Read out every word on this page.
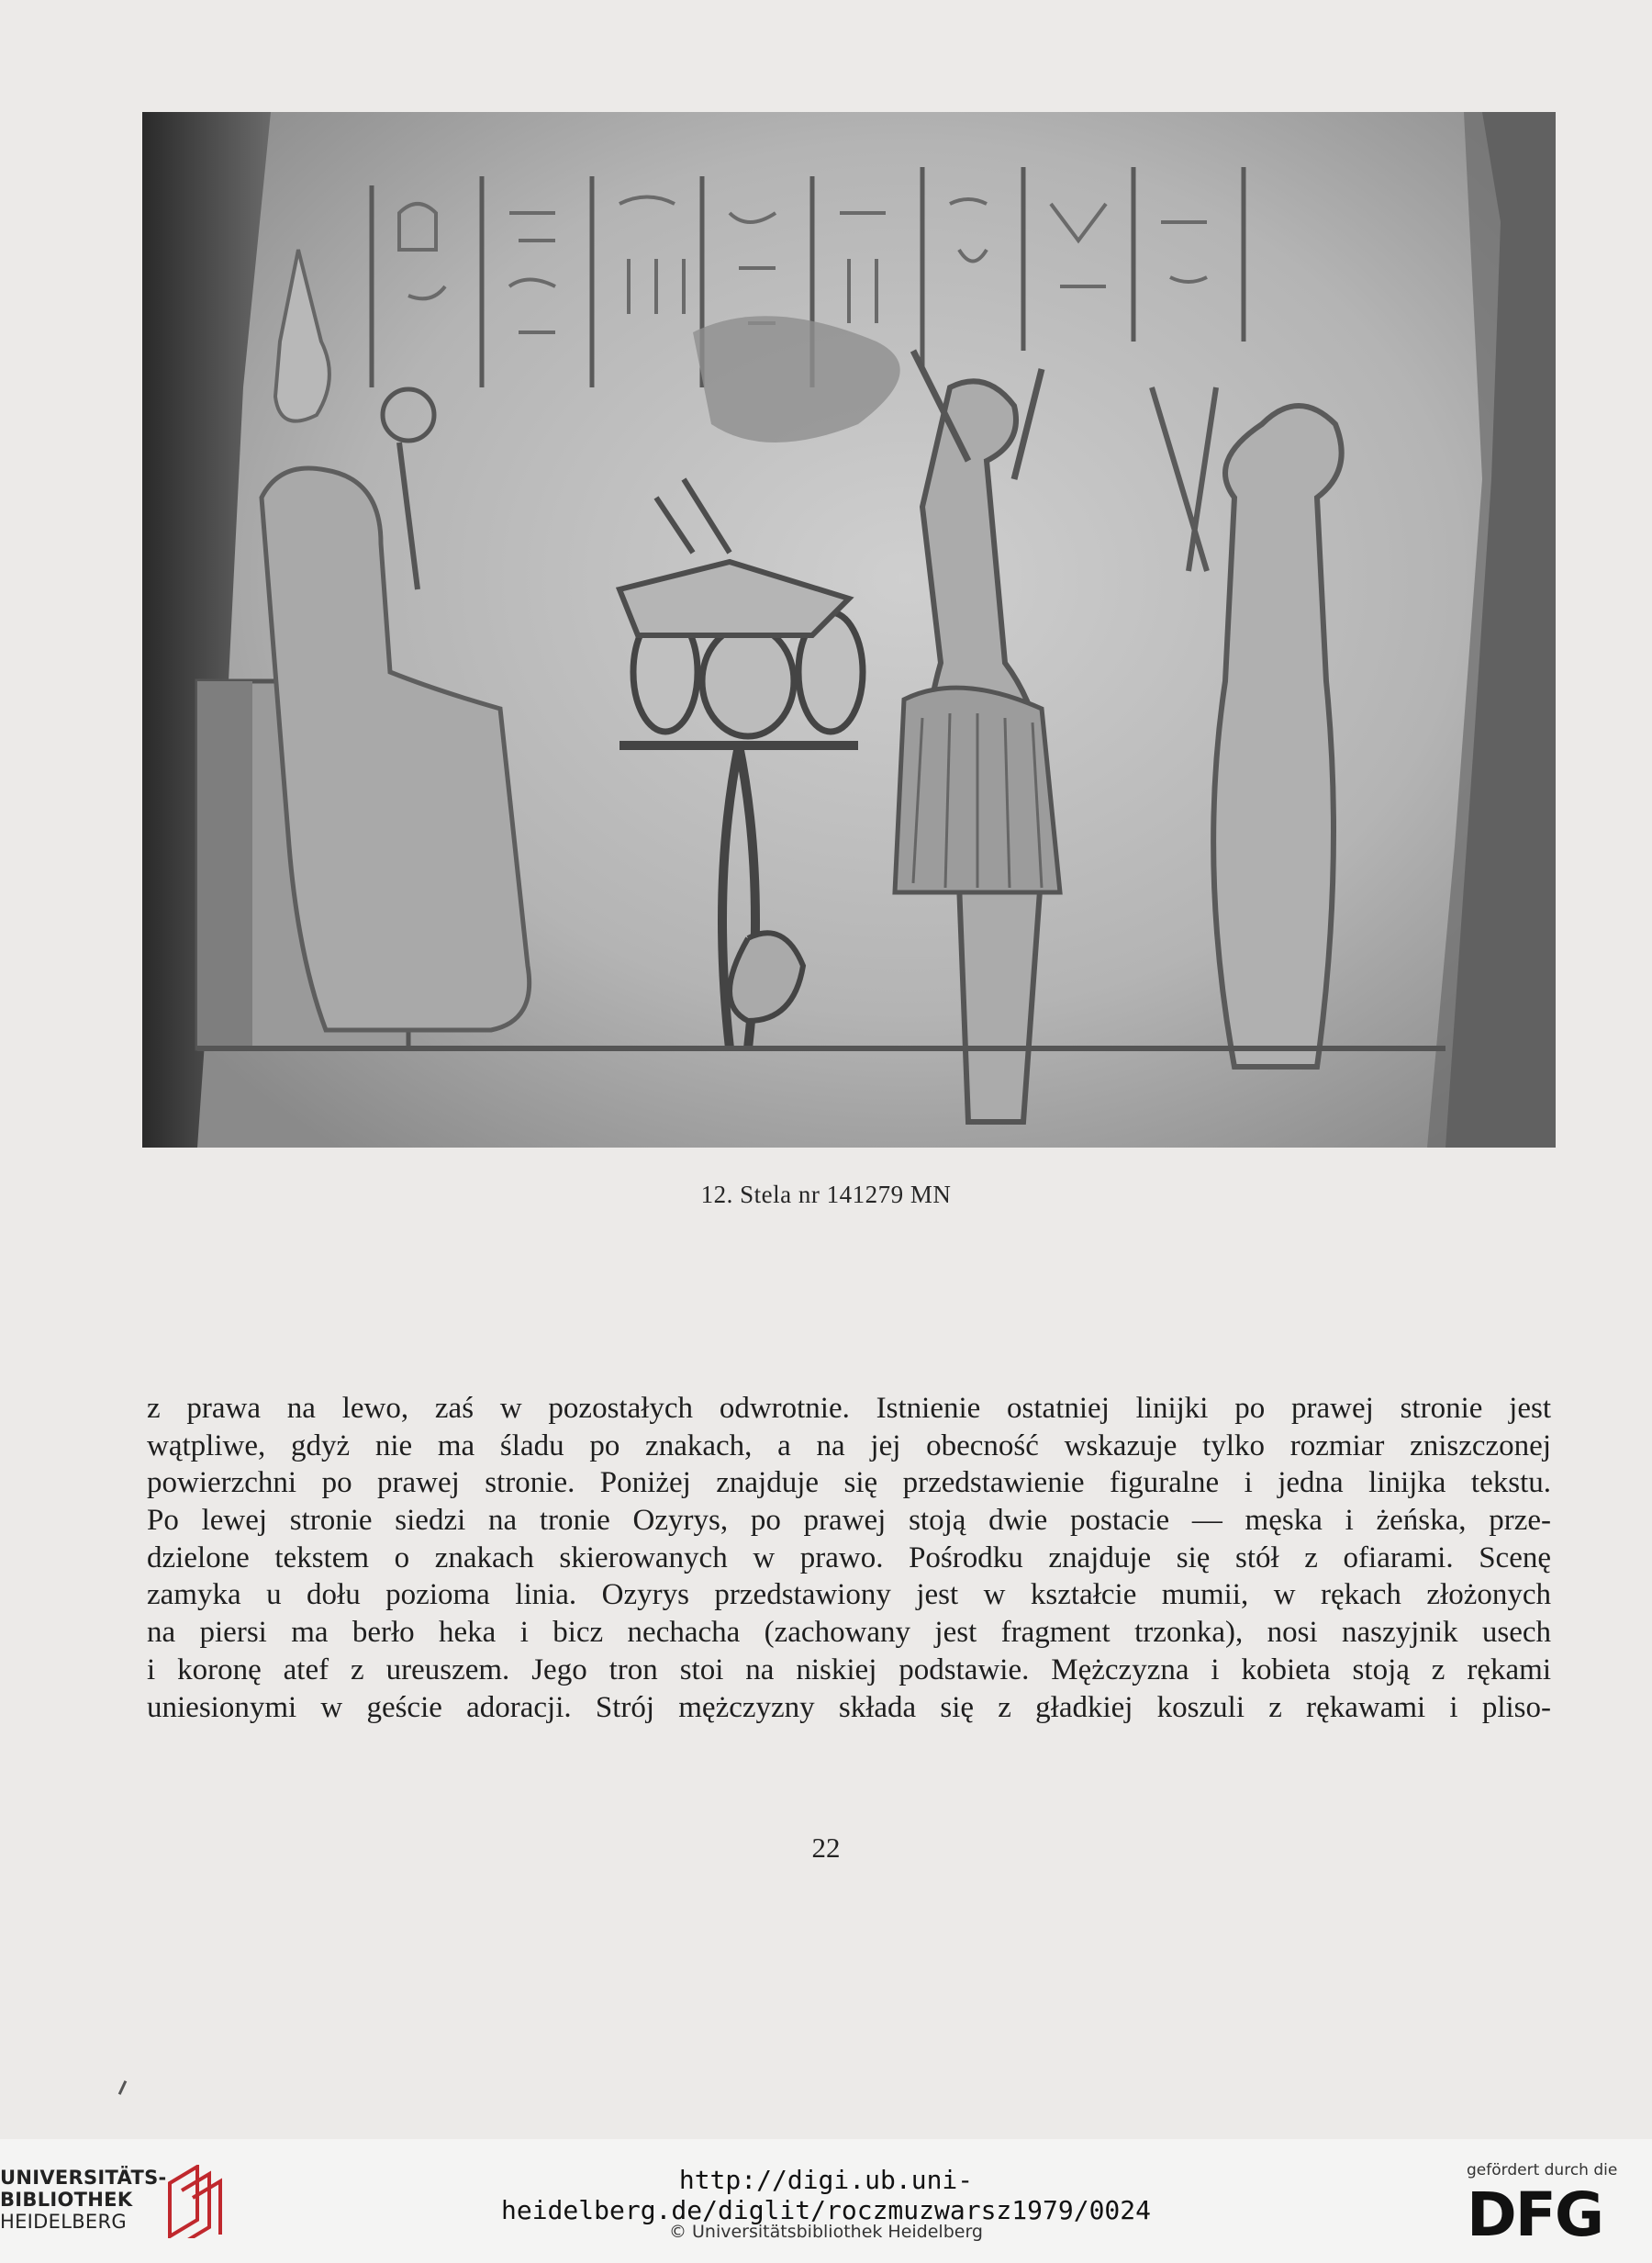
12. Stela nr 141279 MN
z prawa na lewo, zaś w pozostałych odwrotnie. Istnienie ostatniej linijki po prawej stronie jest
wątpliwe, gdyż nie ma śladu po znakach, a na jej obecność wskazuje tylko rozmiar zniszczonej
powierzchni po prawej stronie. Poniżej znajduje się przedstawienie figuralne i jedna linijka tekstu.
Po lewej stronie siedzi na tronie Ozyrys, po prawej stoją dwie postacie — męska i żeńska, prze-
dzielone tekstem o znakach skierowanych w prawo. Pośrodku znajduje się stół z ofiarami. Scenę
zamyka u dołu pozioma linia. Ozyrys przedstawiony jest w kształcie mumii, w rękach złożonych
na piersi ma berło heka i bicz nechacha (zachowany jest fragment trzonka), nosi naszyjnik usech
i koronę atef z ureuszem. Jego tron stoi na niskiej podstawie. Mężczyzna i kobieta stoją z rękami
uniesionymi w geście adoracji. Strój mężczyzny składa się z gładkiej koszuli z rękawami i pliso-
22
UNIVERSITÄTS-
BIBLIOTHEK
HEIDELBERG
http://digi.ub.uni-heidelberg.de/diglit/roczmuzwarsz1979/0024
© Universitätsbibliothek Heidelberg
gefördert durch die
DFG
